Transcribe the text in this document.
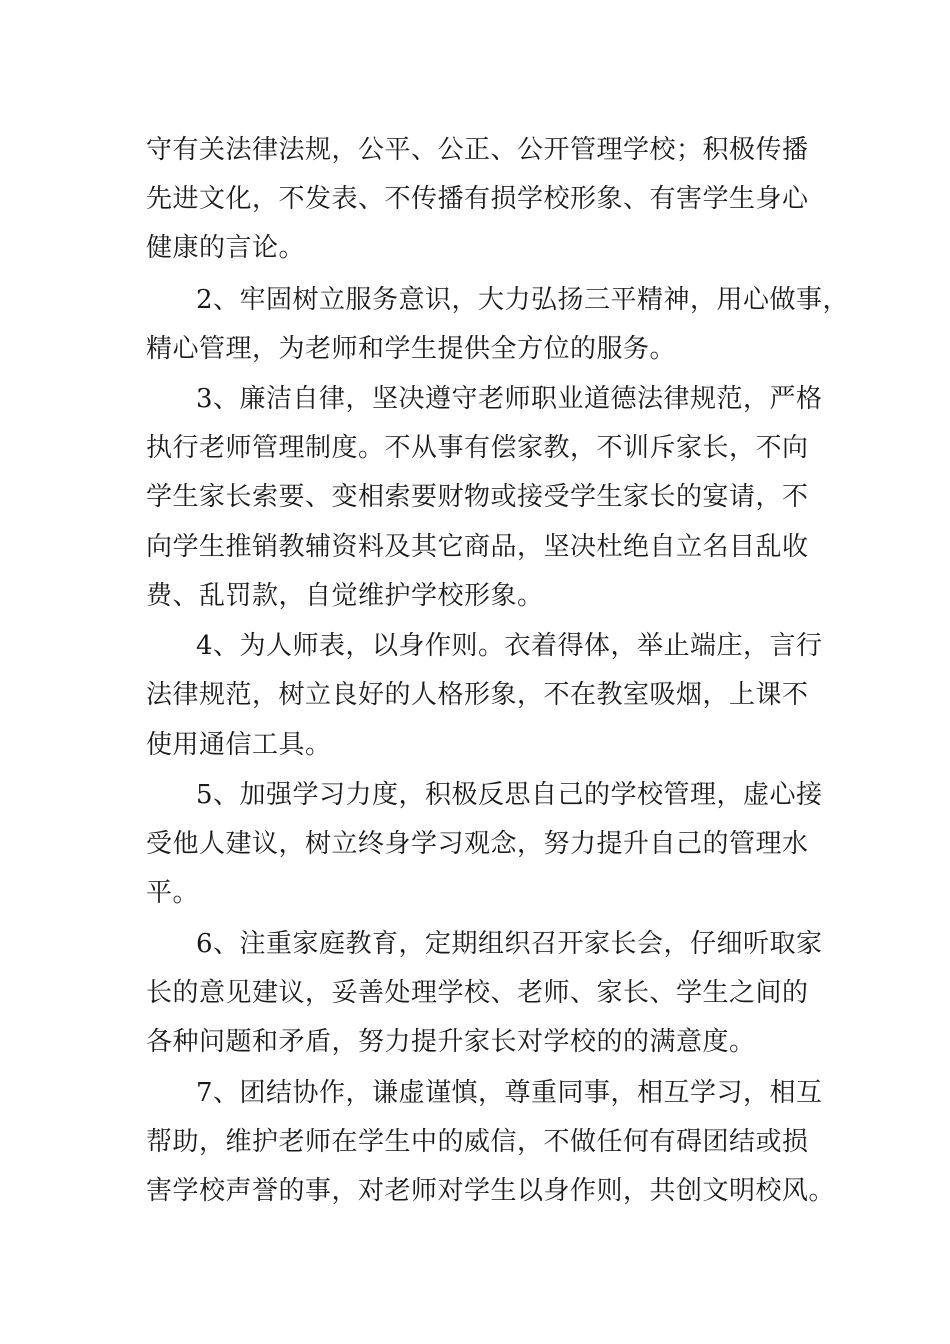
守有关法律法规，公平、公正、公开管理学校；积极传播
先进文化，不发表、不传播有损学校形象、有害学生身心
健康的言论。
2、牢固树立服务意识，大力弘扬三平精神，用心做事，
精心管理，为老师和学生提供全方位的服务。
3、廉洁自律，坚决遵守老师职业道德法律规范，严格
执行老师管理制度。不从事有偿家教，不训斥家长，不向
学生家长索要、变相索要财物或接受学生家长的宴请，不
向学生推销教辅资料及其它商品，坚决杜绝自立名目乱收
费、乱罚款，自觉维护学校形象。
4、为人师表，以身作则。衣着得体，举止端庄，言行
法律规范，树立良好的人格形象，不在教室吸烟，上课不
使用通信工具。
5、加强学习力度，积极反思自己的学校管理，虚心接
受他人建议，树立终身学习观念，努力提升自己的管理水
平。
6、注重家庭教育，定期组织召开家长会，仔细听取家
长的意见建议，妥善处理学校、老师、家长、学生之间的
各种问题和矛盾，努力提升家长对学校的的满意度。
7、团结协作，谦虚谨慎，尊重同事，相互学习，相互
帮助，维护老师在学生中的威信，不做任何有碍团结或损
害学校声誉的事，对老师对学生以身作则，共创文明校风。
